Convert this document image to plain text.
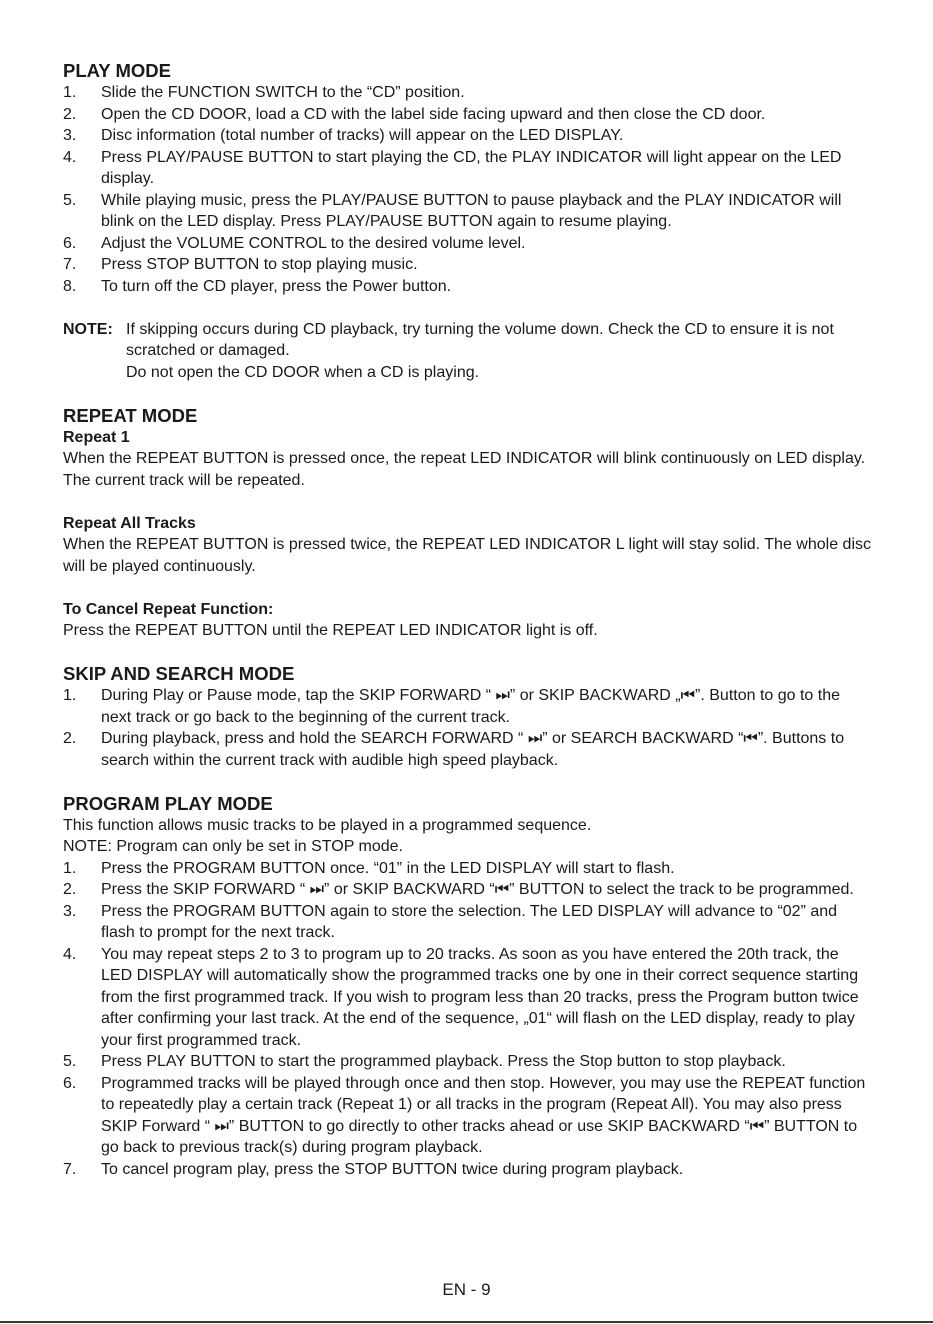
PLAY MODE
1.	Slide the FUNCTION SWITCH to the “CD” position.
2.	Open the CD DOOR, load a CD with the label side facing upward and then close the CD door.
3.	Disc information (total number of tracks) will appear on the LED DISPLAY.
4.	Press PLAY/PAUSE BUTTON to start playing the CD, the PLAY INDICATOR will light appear on the LED display.
5.	While playing music, press the PLAY/PAUSE BUTTON to pause playback and the PLAY INDICATOR will blink on the LED display. Press PLAY/PAUSE BUTTON again to resume playing.
6.	Adjust the VOLUME CONTROL to the desired volume level.
7.	Press STOP BUTTON to stop playing music.
8.	To turn off the CD player, press the Power button.
NOTE: If skipping occurs during CD playback, try turning the volume down. Check the CD to ensure it is not scratched or damaged.
Do not open the CD DOOR when a CD is playing.
REPEAT MODE
Repeat 1

When the REPEAT BUTTON is pressed once, the repeat LED INDICATOR will blink continuously on LED display. The current track will be repeated.

Repeat All Tracks

When the REPEAT BUTTON is pressed twice, the REPEAT LED INDICATOR L light will stay solid. The whole disc will be played continuously.

To Cancel Repeat Function:

Press the REPEAT BUTTON until the REPEAT LED INDICATOR light is off.

SKIP AND SEARCH MODE
1.	During Play or Pause mode, tap the SKIP FORWARD “ ⏭” or SKIP BACKWARD „⏮”. Button to go to the next track or go back to the beginning of the current track.
2.	During playback, press and hold the SEARCH FORWARD “ ⏭” or SEARCH BACKWARD “⏮”. Buttons to search within the current track with audible high speed playback.
PROGRAM PLAY MODE

This function allows music tracks to be played in a programmed sequence.

NOTE: Program can only be set in STOP mode.

1.	Press the PROGRAM BUTTON once. “01” in the LED DISPLAY will start to flash.
2.	Press the SKIP FORWARD “ ⏭” or SKIP BACKWARD “⏮” BUTTON to select the track to be programmed.
3.	Press the PROGRAM BUTTON again to store the selection. The LED DISPLAY will advance to “02” and flash to prompt for the next track.
4.	You may repeat steps 2 to 3 to program up to 20 tracks. As soon as you have entered the 20th track, the LED DISPLAY will automatically show the programmed tracks one by one in their correct sequence starting from the first programmed track. If you wish to program less than 20 tracks, press the Program button twice after confirming your last track. At the end of the sequence, „01“ will flash on the LED display, ready to play your first programmed track.
5.	Press PLAY BUTTON to start the programmed playback. Press the Stop button to stop playback.
6.	Programmed tracks will be played through once and then stop. However, you may use the REPEAT function to repeatedly play a certain track (Repeat 1) or all tracks in the program (Repeat All). You may also press SKIP Forward “ ⏭” BUTTON to go directly to other tracks ahead or use SKIP BACKWARD “⏮” BUTTON to go back to previous track(s) during program playback.
7.	To cancel program play, press the STOP BUTTON twice during program playback.
EN - 9
